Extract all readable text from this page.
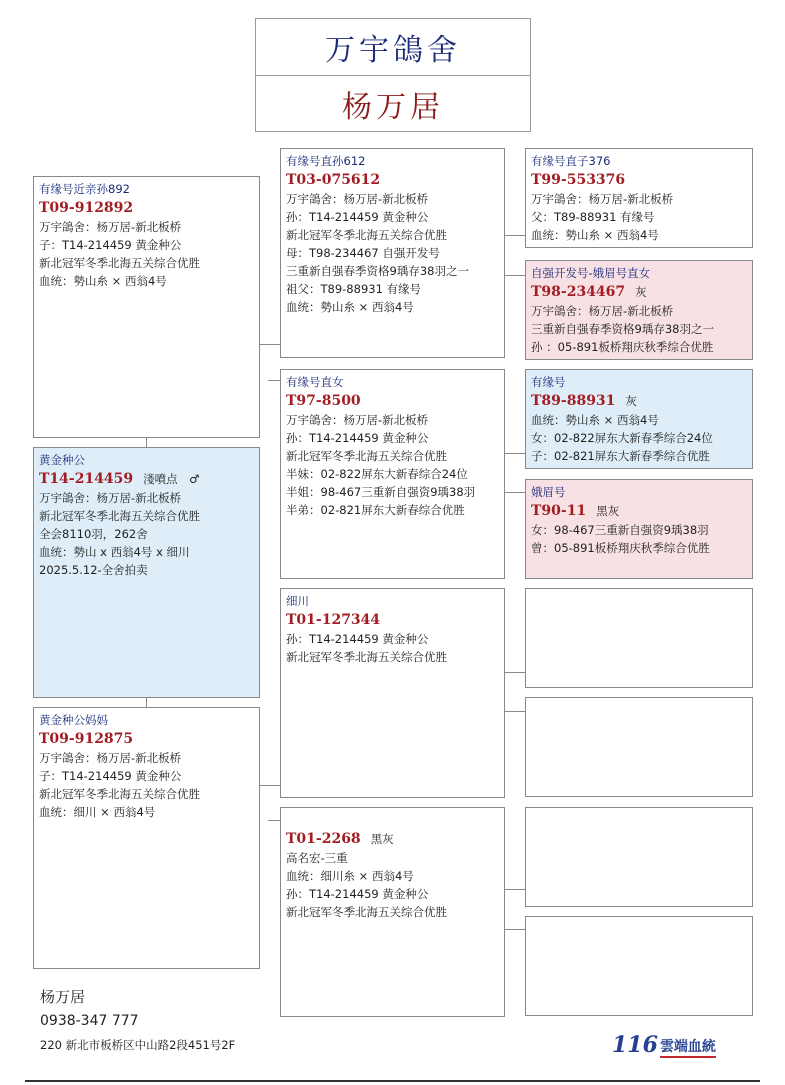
万宇鴿舍
杨万居
有缘号近亲孙892
T09-912892
万宇鴿舍：杨万居-新北板桥
子：T14-214459 黄金种公
新北冠军冬季北海五关综合优胜
血统：勢山糸 × 西翁4号
黄金种公
T14-214459 淺噴点　♂
万宇鴿舍：杨万居-新北板桥
新北冠军冬季北海五关综合优胜
全会8110羽，262舍
血统：勢山 x 西翁4号 x 细川
2025.5.12-全舍拍卖
黄金种公妈妈
T09-912875
万宇鴿舍：杨万居-新北板桥
子：T14-214459 黄金种公
新北冠军冬季北海五关综合优胜
血统：细川 × 西翁4号
有缘号直孙612
T03-075612
万宇鴿舍：杨万居-新北板桥
孙：T14-214459 黄金种公
新北冠军冬季北海五关综合优胜
母：T98-234467 自强开发号
三重新自强春季资格9瑀存38羽之一
祖父：T89-88931 有缘号
血统：勢山糸 × 西翁4号
有缘号直女
T97-8500
万宇鴿舍：杨万居-新北板桥
孙：T14-214459 黄金种公
新北冠军冬季北海五关综合优胜
半妹：02-822屏东大新春综合24位
半姐：98-467三重新自强资9瑀38羽
半弟：02-821屏东大新春综合优胜
细川
T01-127344
孙：T14-214459 黄金种公
新北冠军冬季北海五关综合优胜
T01-2268 黑灰
高名宏-三重
血统：细川糸 × 西翁4号
孙：T14-214459 黄金种公
新北冠军冬季北海五关综合优胜
有缘号直子376
T99-553376
万宇鴿舍：杨万居-新北板桥
父：T89-88931 有缘号
血统：勢山糸 × 西翁4号
自强开发号-娥眉号直女
T98-234467 灰
万宇鴿舍：杨万居-新北板桥
三重新自强春季资格9瑀存38羽之一
孙 ：05-891板桥翔庆秋季综合优胜
有缘号
T89-88931 灰
血统：勢山糸 × 西翁4号
女：02-822屏东大新春季综合24位
子：02-821屏东大新春季综合优胜
娥眉号
T90-11 黑灰
女：98-467三重新自强资9瑀38羽
曾：05-891板桥翔庆秋季综合优胜
杨万居
0938-347 777
220 新北市板桥区中山路2段451号2F	116 雲端血統
